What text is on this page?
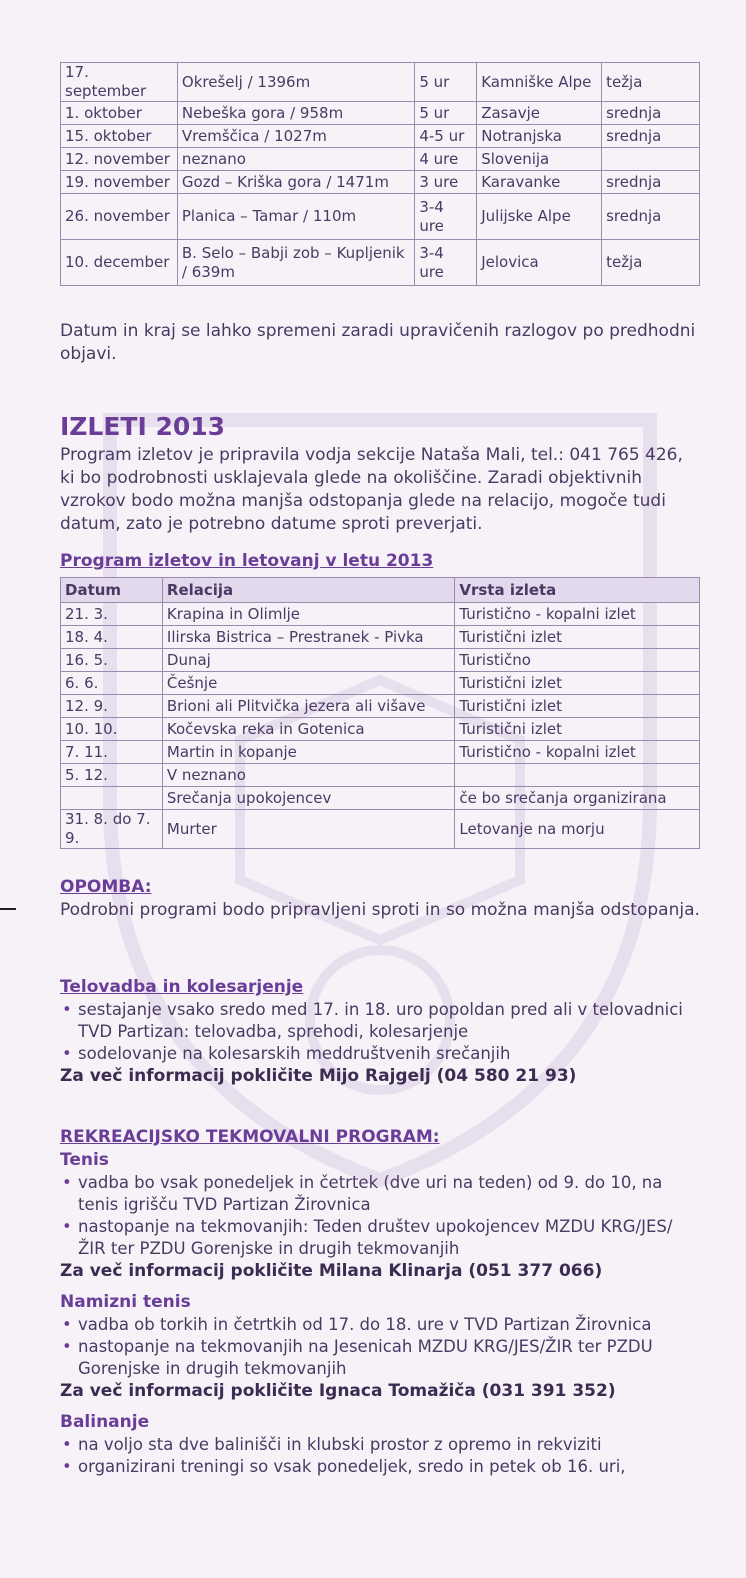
17. september	Okrešelj / 1396m	5 ur	Kamniške Alpe	težja
1. oktober	Nebeška gora / 958m	5 ur	Zasavje	srednja
15. oktober	Vremščica / 1027m	4-5 ur	Notranjska	srednja
12. november	neznano	4 ure	Slovenija	
19. november	Gozd – Kriška gora / 1471m	3 ure	Karavanke	srednja
26. november	Planica – Tamar / 110m	3-4 ure	Julijske Alpe	srednja
10. december	B. Selo – Babji zob – Kupljenik / 639m	3-4 ure	Jelovica	težja

Datum in kraj se lahko spremeni zaradi upravičenih razlogov po predhodni objavi.

IZLETI 2013

Program izletov je pripravila vodja sekcije Nataša Mali, tel.: 041 765 426, ki bo podrobnosti usklajevala glede na okoliščine. Zaradi objektivnih vzrokov bodo možna manjša odstopanja glede na relacijo, mogoče tudi datum, zato je potrebno datume sproti preverjati.

Program izletov in letovanj v letu 2013

Datum	Relacija	Vrsta izleta
21. 3.	Krapina in Olimlje	Turistično - kopalni izlet
18. 4.	Ilirska Bistrica – Prestranek - Pivka	Turistični izlet
16. 5.	Dunaj	Turistično
6. 6.	Češnje	Turistični izlet
12. 9.	Brioni ali Plitvička jezera ali višave	Turistični izlet
10. 10.	Kočevska reka in Gotenica	Turistični izlet
7. 11.	Martin in kopanje	Turistično - kopalni izlet
5. 12.	V neznano	
	Srečanja upokojencev	če bo srečanja organizirana
31. 8. do 7. 9.	Murter	Letovanje na morju

OPOMBA:

Podrobni programi bodo pripravljeni sproti in so možna manjša odstopanja.

Telovadba in kolesarjenje

• sestajanje vsako sredo med 17. in 18. uro popoldan pred ali v telovadnici TVD Partizan: telovadba, sprehodi, kolesarjenje
• sodelovanje na kolesarskih meddruštvenih srečanjih

Za več informacij pokličite Mijo Rajgelj (04 580 21 93)

REKREACIJSKO TEKMOVALNI PROGRAM:

Tenis

• vadba bo vsak ponedeljek in četrtek (dve uri na teden) od 9. do 10, na tenis igrišču TVD Partizan Žirovnica
• nastopanje na tekmovanjih: Teden društev upokojencev MZDU KRG/JES/ŽIR ter PZDU Gorenjske in drugih tekmovanjih

Za več informacij pokličite Milana Klinarja (051 377 066)

Namizni tenis

• vadba ob torkih in četrtkih od 17. do 18. ure v TVD Partizan Žirovnica
• nastopanje na tekmovanjih na Jesenicah MZDU KRG/JES/ŽIR ter PZDU Gorenjske in drugih tekmovanjih

Za več informacij pokličite Ignaca Tomažiča (031 391 352)

Balinanje

• na voljo sta dve balinišči in klubski prostor z opremo in rekviziti
• organizirani treningi so vsak ponedeljek, sredo in petek ob 16. uri,
